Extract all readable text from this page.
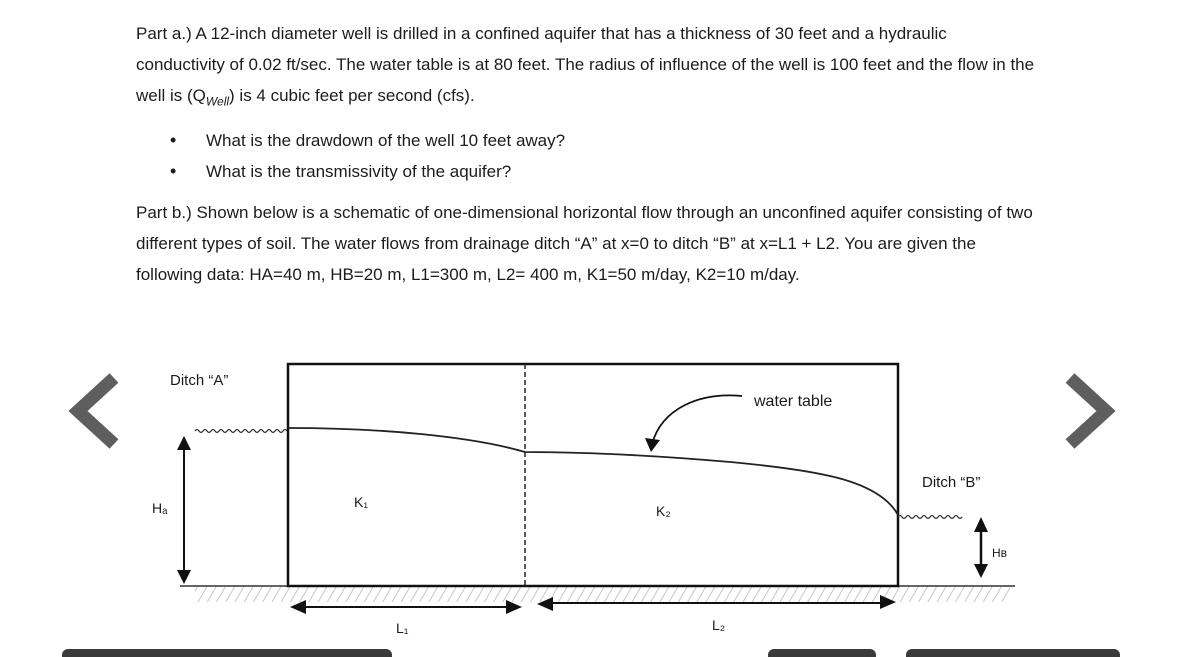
Part a.) A 12-inch diameter well is drilled in a confined aquifer that has a thickness of 30 feet and a hydraulic conductivity of 0.02 ft/sec. The water table is at 80 feet. The radius of influence of the well is 100 feet and the flow in the well is $(Q_{Well})$ is 4 cubic feet per second (cfs).

• What is the drawdown of the well 10 feet away?
• What is the transmissivity of the aquifer?

Part b.) Shown below is a schematic of one-dimensional horizontal flow through an unconfined aquifer consisting of two different types of soil. The water flows from drainage ditch “A” at x=0 to ditch “B” at x=L1 + L2. You are given the following data: HA=40 m, HB=20 m, L1=300 m, L2= 400 m, K1=50 m/day, K2=10 m/day.

Ditch “A”
Ditch “B”
water table
Hₐ
Hʙ
K₁
K₂
L₁	L₂
